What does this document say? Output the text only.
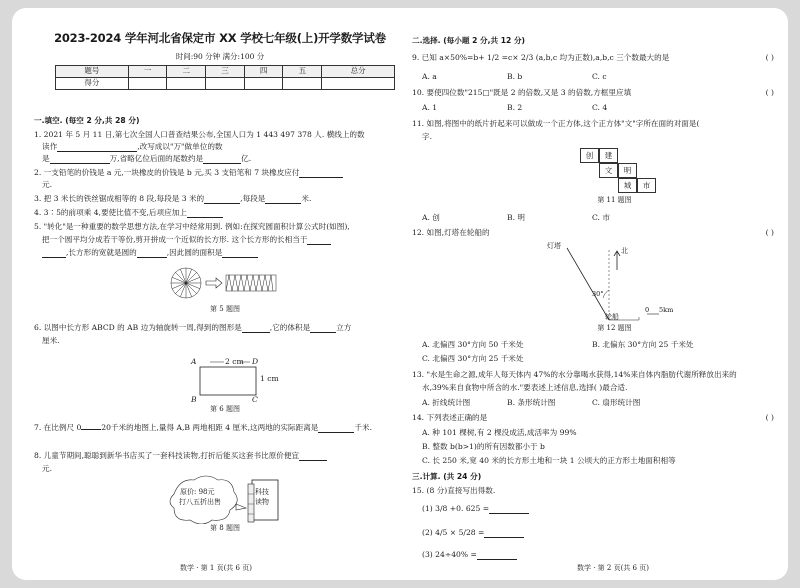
2023-2024 学年河北省保定市 XX 学校七年级(上)开学数学试卷
时间:90 分钟 满分:100 分
题号	一	二	三	四	五	总分
得分						

一.填空. (每空 2 分,共 28 分)

1. 2021 年 5 月 11 日,第七次全国人口普查结果公布,全国人口为 1 443 497 378 人. 横线上的数

读作	,改写成以"万"做单位的数

是	万,省略亿位后面的尾数约是	亿.

2. 一支铅笔的价钱是 a 元,一块橡皮的价钱是 b 元,买 3 支铅笔和 7 块橡皮应付

元.

3. 把 3 米长的铁丝锯成相等的 8 段,每段是 3 米的	,每段是	米.

4. 3∶5的前项乘 4,要使比值不变,后项应加上

5. "转化"是一种重要的数学思想方法,在学习中经常用到. 例如:在探究圆面积计算公式时(如图),

把一个圆平均分成若干等份,剪开拼成一个近似的长方形. 这个长方形的长相当于

,长方形的宽就是圆的	,因此圆的面积是

第 5 题图

6. 以图中长方形 ABCD 的 AB 边为轴旋转一周,得到的图形是	,它的体积是	立方

厘米.

A	2 cm
1 cm
B	C
D
第 6 题图

7. 在比例尺 0	20千米的地图上,量得 A,B 两地相距 4 厘米,这两地的实际距离是	千米.

8. 儿童节期间,聪聪到新华书店买了一套科技读物,打折后能买这套书比原价便宜

元.

原价: 98元
打八五折出售
科技
读物
第 8 题图
数学 · 第 1 页(共 6 页)

二.选择. (每小题 2 分,共 12 分)

9. 已知 a×50%=b+ 1/2 =c× 2/3 (a,b,c 均为正数),a,b,c 三个数最大的是	( )

A. a	B. b	C. c

10. 要使四位数"215□"既是 2 的倍数,又是 3 的倍数,方框里应填	( )

A. 1	B. 2	C. 4

11. 如图,将图中的纸片折起来可以做成一个正方体,这个正方体"文"字所在面的对面是(

字.

创	建
文	明
城	市
第 11 题图

A. 创	B. 明	C. 市

12. 如图,灯塔在轮船的	( )
灯塔
北
30°
轮船
0 5km
第 12 题图

A. 北偏西 30°方向 50 千米处	B. 北偏东 30°方向 25 千米处

C. 北偏西 30°方向 25 千米处

13. "水是生命之源,成年人每天体内 47%的水分靠喝水获得,14%来自体内脂肪代谢所释放出来的

水,39%来自食物中所含的水."要表述上述信息,选择( )最合适.

A. 折线统计图	B. 条形统计图	C. 扇形统计图

14. 下列表述正确的是	( )

A. 种 101 棵树,有 2 棵没成活,成活率为 99%

B. 整数 b(b>1)的所有因数都小于 b

C. 长 250 米,宽 40 米的长方形土地和一块 1 公顷大的正方形土地面积相等

三.计算. (共 24 分)

15. (8 分)直接写出得数.

(1) 3/8 +0. 625 =

(2) 4/5 × 5/28 =

(3) 24÷40% =

数学 · 第 2 页(共 6 页)
